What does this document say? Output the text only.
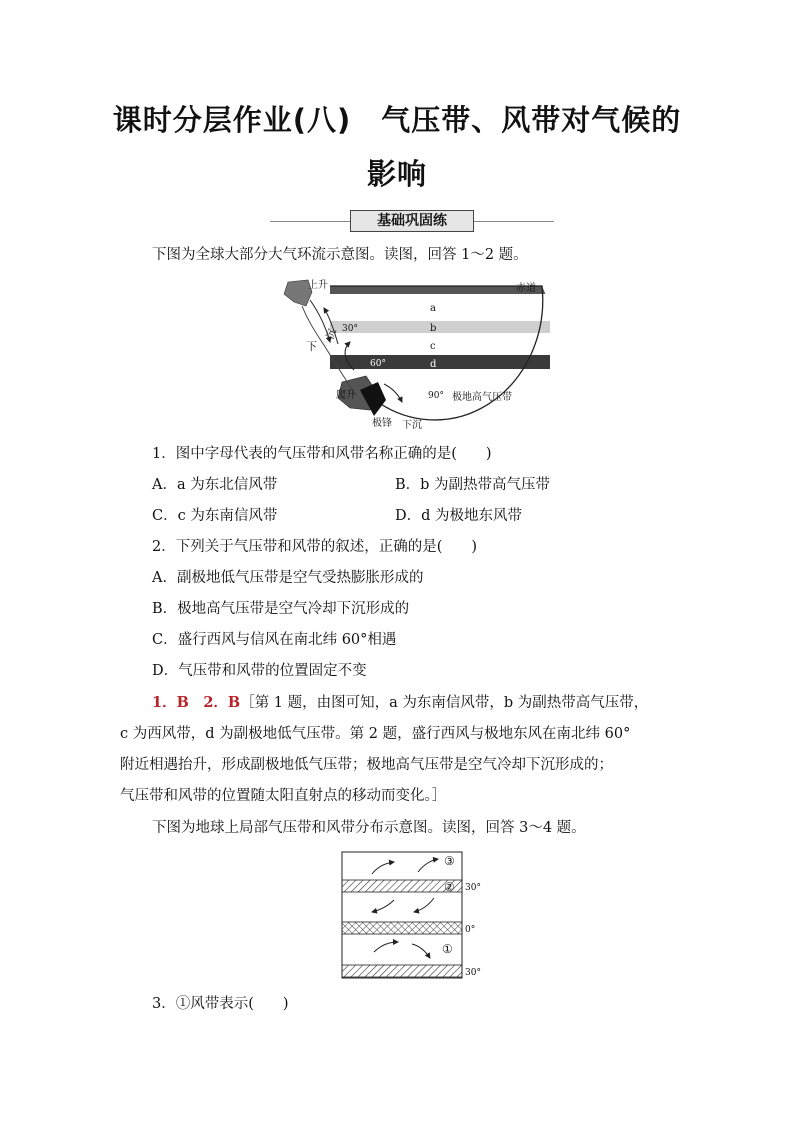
课时分层作业(八)　气压带、风带对气候的
影响
基础巩固练
下图为全球大部分大气环流示意图。读图，回答 1～2 题。
上升	赤道
a
b
c
d
30°
60°
90° 极地高气压带
下
沉
爬升
极锋 下沉
1．图中字母代表的气压带和风带名称正确的是(　　)
A．a 为东北信风带	B．b 为副热带高气压带
C．c 为东南信风带	D．d 为极地东风带
2．下列关于气压带和风带的叙述，正确的是(　　)
A．副极地低气压带是空气受热膨胀形成的
B．极地高气压带是空气冷却下沉形成的
C．盛行西风与信风在南北纬 60°相遇
D．气压带和风带的位置固定不变
1．B　2．B［第 1 题，由图可知，a 为东南信风带，b 为副热带高气压带，
c 为西风带，d 为副极地低气压带。第 2 题，盛行西风与极地东风在南北纬 60°
附近相遇抬升，形成副极地低气压带；极地高气压带是空气冷却下沉形成的；
气压带和风带的位置随太阳直射点的移动而变化。］
下图为地球上局部气压带和风带分布示意图。读图，回答 3～4 题。
③
②
①
30°
0°
30°
3．①风带表示(　　)
